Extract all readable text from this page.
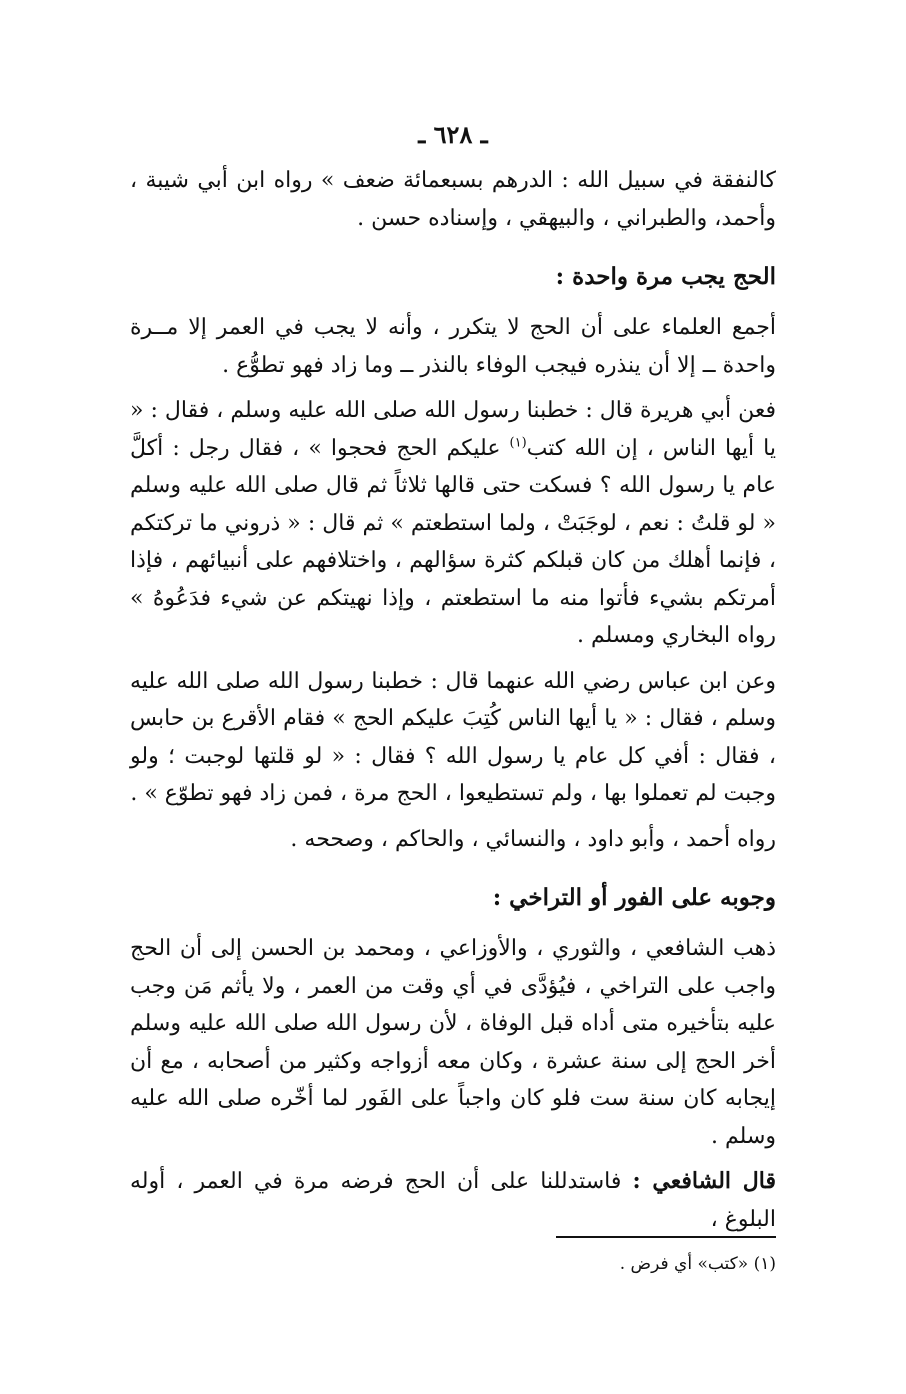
ـ ٦٢٨ ـ

كالنفقة في سبيل الله : الدرهم بسبعمائة ضعف » رواه ابن أبي شيبة ، وأحمد، والطبراني ، والبيهقي ، وإسناده حسن .

الحج يجب مرة واحدة :

أجمع العلماء على أن الحج لا يتكرر ، وأنه لا يجب في العمر إلا مــرة واحدة ــ إلا أن ينذره فيجب الوفاء بالنذر ــ وما زاد فهو تطوُّع .

فعن أبي هريرة قال : خطبنا رسول الله صلى الله عليه وسلم ، فقال : « يا أيها الناس ، إن الله كتب$^{(١)}$ عليكم الحج فحجوا » ، فقال رجل : أكلَّ عام يا رسول الله ؟ فسكت حتى قالها ثلاثاً ثم قال صلى الله عليه وسلم « لو قلتُ : نعم ، لوجَبَتْ ، ولما استطعتم » ثم قال : « ذروني ما تركتكم ، فإنما أهلك من كان قبلكم كثرة سؤالهم ، واختلافهم على أنبيائهم ، فإذا أمرتكم بشيء فأتوا منه ما استطعتم ، وإذا نهيتكم عن شيء فدَعُوهُ » رواه البخاري ومسلم .

وعن ابن عباس رضي الله عنهما قال : خطبنا رسول الله صلى الله عليه وسلم ، فقال : « يا أيها الناس كُتِبَ عليكم الحج » فقام الأقرع بن حابس ، فقال : أفي كل عام يا رسول الله ؟ فقال : « لو قلتها لوجبت ؛ ولو وجبت لم تعملوا بها ، ولم تستطيعوا ، الحج مرة ، فمن زاد فهو تطوّع » .

رواه أحمد ، وأبو داود ، والنسائي ، والحاكم ، وصححه .

وجوبه على الفور أو التراخي :

ذهب الشافعي ، والثوري ، والأوزاعي ، ومحمد بن الحسن إلى أن الحج واجب على التراخي ، فيُؤدَّى في أي وقت من العمر ، ولا يأثم مَن وجب عليه بتأخيره متى أداه قبل الوفاة ، لأن رسول الله صلى الله عليه وسلم أخر الحج إلى سنة عشرة ، وكان معه أزواجه وكثير من أصحابه ، مع أن إيجابه كان سنة ست فلو كان واجباً على الفَور لما أخّره صلى الله عليه وسلم .

قال الشافعي : فاستدللنا على أن الحج فرضه مرة في العمر ، أوله البلوغ ،

(١) «كتب» أي فرض .
